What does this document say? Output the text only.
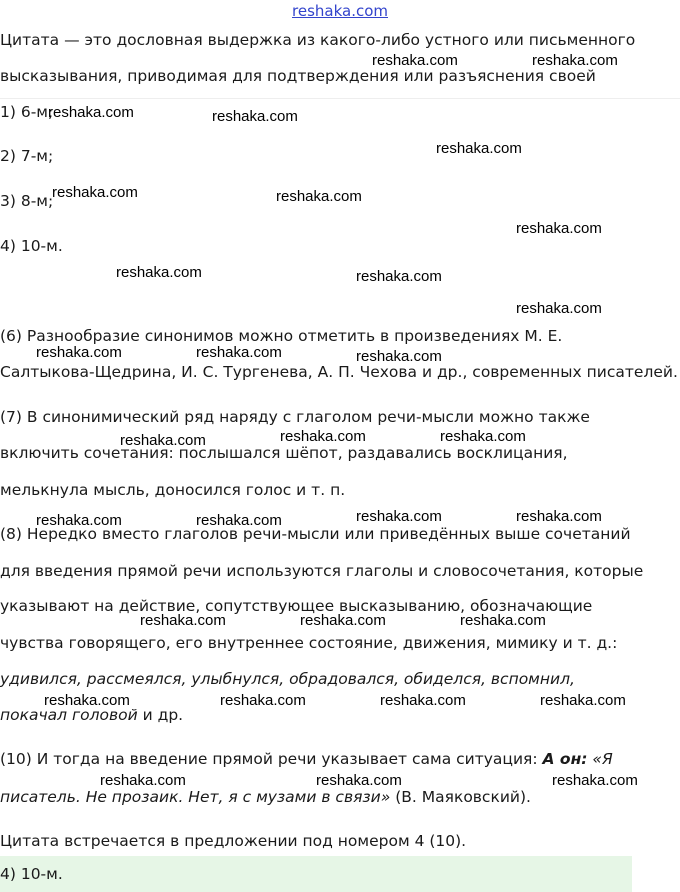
reshaka.com
Цитата — это дословная выдержка из какого-либо устного или письменного
высказывания, приводимая для подтверждения или разъяснения своей
1) 6-м;
2) 7-м;
3) 8-м;
4) 10-м.
(6) Разнообразие синонимов можно отметить в произведениях М. Е.
Салтыкова-Щедрина, И. С. Тургенева, А. П. Чехова и др., современных писателей.
(7) В синонимический ряд наряду с глаголом речи-мысли можно также
включить сочетания: послышался шёпот, раздавались восклицания,
мелькнула мысль, доносился голос и т. п.
(8) Нередко вместо глаголов речи-мысли или приведённых выше сочетаний
для введения прямой речи используются глаголы и словосочетания, которые
указывают на действие, сопутствующее высказыванию, обозначающие
чувства говорящего, его внутреннее состояние, движения, мимику и т. д.:
удивился, рассмеялся, улыбнулся, обрадовался, обиделся, вспомнил,
покачал головой и др.
(10) И тогда на введение прямой речи указывает сама ситуация: А он: «Я
писатель. Не прозаик. Нет, я с музами в связи» (В. Маяковский).
Цитата встречается в предложении под номером 4 (10).
4) 10-м.
reshaka.com	reshaka.com
reshaka.com	reshaka.com
reshaka.com
reshaka.com	reshaka.com
reshaka.com
reshaka.com	reshaka.com
reshaka.com
reshaka.com	reshaka.com	reshaka.com
reshaka.com	reshaka.com	reshaka.com
reshaka.com	reshaka.com	reshaka.com	reshaka.com
reshaka.com	reshaka.com	reshaka.com
reshaka.com	reshaka.com	reshaka.com	reshaka.com
reshaka.com	reshaka.com	reshaka.com
